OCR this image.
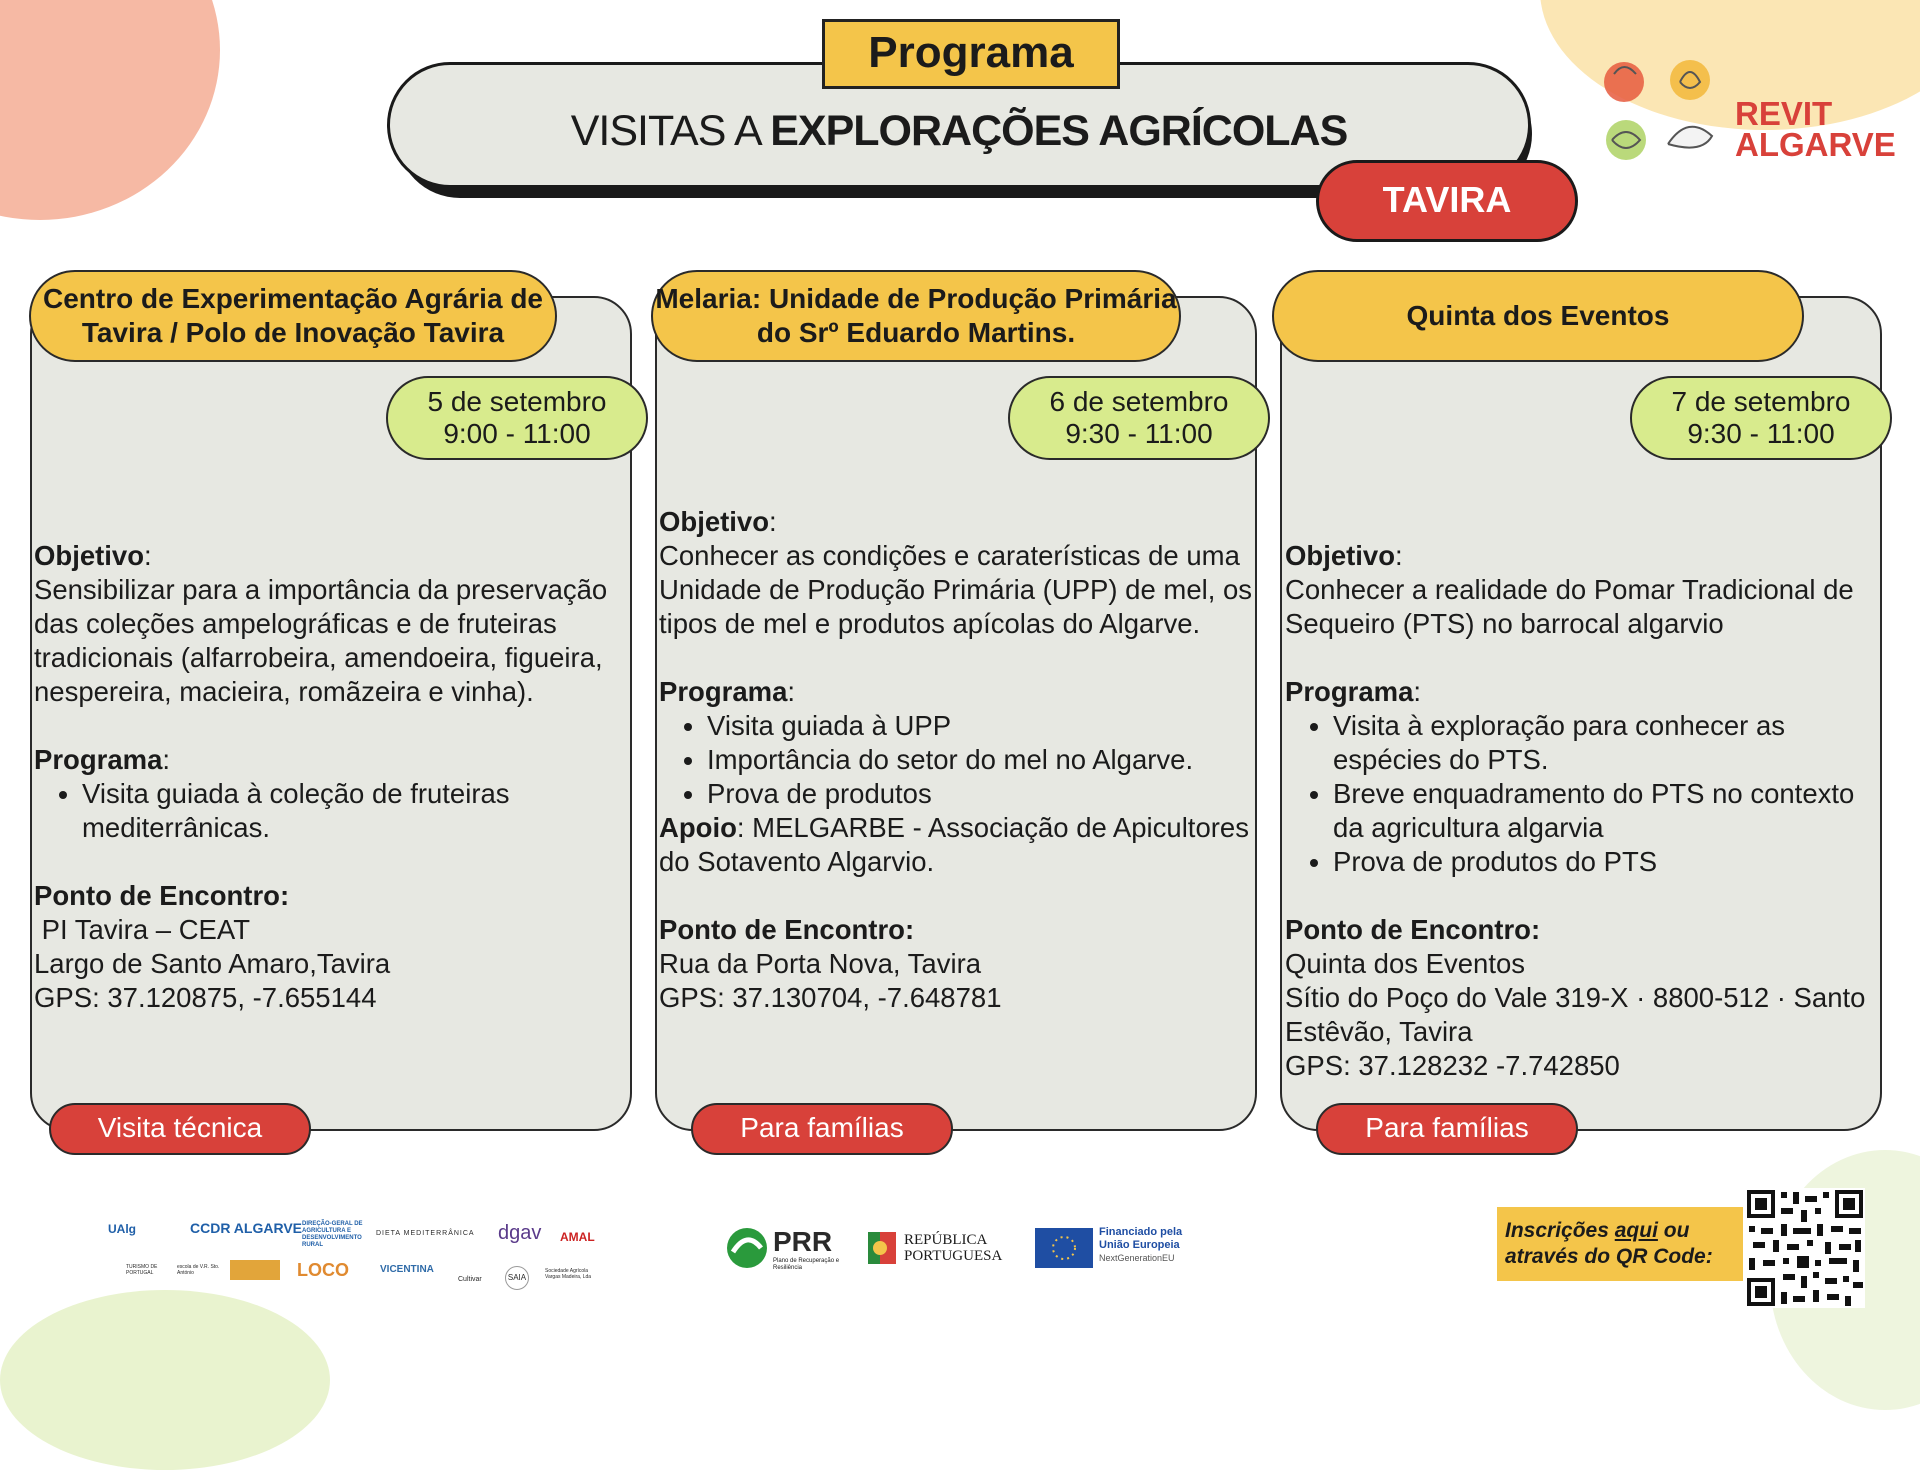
Programa
VISITAS A EXPLORAÇÕES AGRÍCOLAS
TAVIRA
REVIT
ALGARVE
Centro de Experimentação Agrária de Tavira / Polo de Inovação Tavira
5 de setembro
9:00 - 11:00
Objetivo:
Sensibilizar para a importância da preservação das coleções ampelográficas e de fruteiras tradicionais (alfarrobeira, amendoeira, figueira, nespereira, macieira, romãzeira e vinha).
Programa:
• Visita guiada à coleção de fruteiras mediterrânicas.
Ponto de Encontro:
PI Tavira – CEAT
Largo de Santo Amaro,Tavira
GPS: 37.120875, -7.655144
Visita técnica
Melaria: Unidade de Produção Primária do Srº Eduardo Martins.
6 de setembro
9:30 - 11:00
Objetivo:
Conhecer as condições e caraterísticas de uma Unidade de Produção Primária (UPP) de mel, os tipos de mel e produtos apícolas do Algarve.
Programa:
• Visita guiada à UPP
• Importância do setor do mel no Algarve.
• Prova de produtos
Apoio: MELGARBE - Associação de Apicultores do Sotavento Algarvio.
Ponto de Encontro:
Rua da Porta Nova, Tavira
GPS: 37.130704, -7.648781
Para famílias
Quinta dos Eventos
7 de setembro
9:30 - 11:00
Objetivo:
Conhecer a realidade do Pomar Tradicional de Sequeiro (PTS) no barrocal algarvio
Programa:
• Visita à exploração para conhecer as espécies do PTS.
• Breve enquadramento do PTS no contexto da agricultura algarvia
• Prova de produtos do PTS
Ponto de Encontro:
Quinta dos Eventos
Sítio do Poço do Vale 319-X · 8800-512 · Santo Estêvão, Tavira
GPS: 37.128232 -7.742850
Para famílias
UAlg	CCDR ALGARVE DIREÇÃO-GERAL DE AGRICULTURA E DESENVOLVIMENTO RURAL
DIETA MEDITERRÂNICA dgav AMAL
TURISMO DE PORTUGAL
escola de V.R. Sto. António	LOCO	VICENTINA
Cultivar	SAIA
Sociedade Agrícola Vargas Madeira, Lda
PRR
Plano de Recuperação e Resiliência
REPÚBLICA PORTUGUESA
Financiado pela
União Europeia
NextGenerationEU
Inscrições aqui ou através do QR Code:
